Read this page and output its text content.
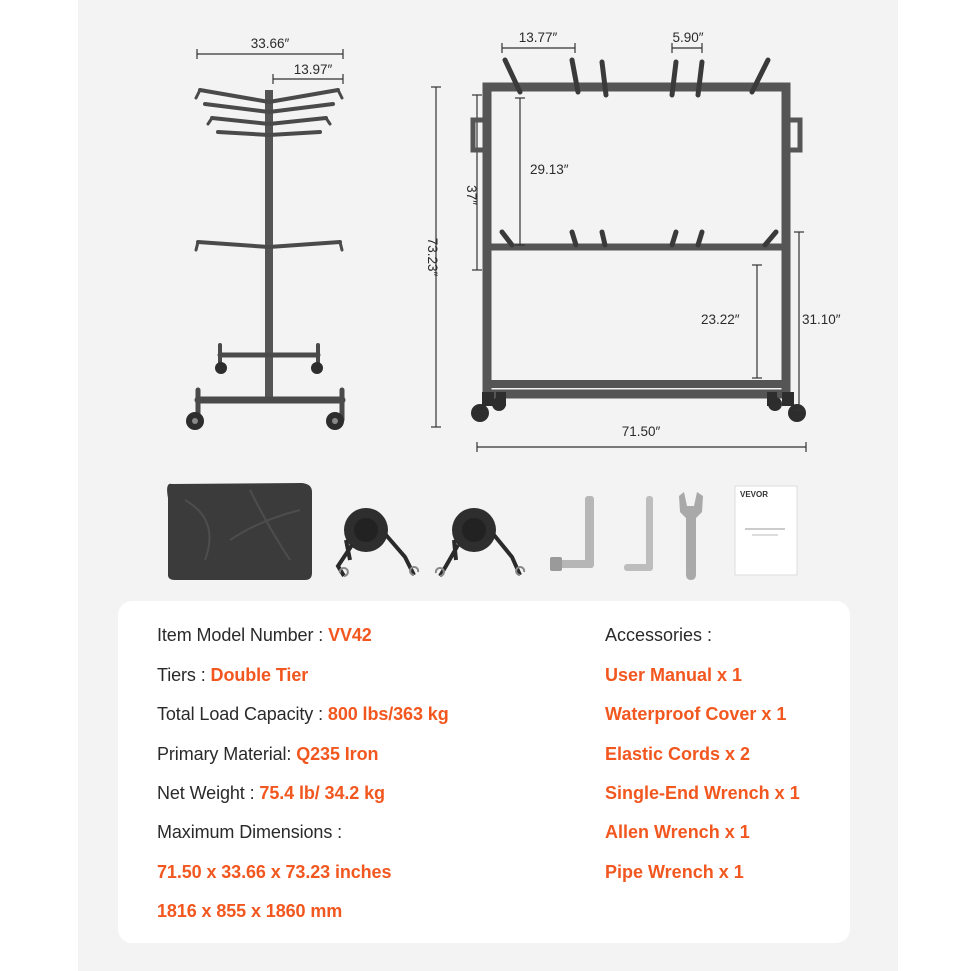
33.66″
13.97″
73.23″
37″
13.77″	5.90″
29.13″
23.22″	31.10″
71.50″
VEVOR
Item Model Number : VV42
Tiers : Double Tier
Total Load Capacity : 800 lbs/363 kg
Primary Material: Q235 Iron
Net Weight : 75.4 lb/ 34.2 kg
Maximum Dimensions :
71.50 x 33.66 x 73.23 inches
1816 x 855 x 1860 mm
Accessories :
User Manual x 1
Waterproof Cover x 1
Elastic Cords x 2
Single-End Wrench x 1
Allen Wrench x 1
Pipe Wrench x 1
